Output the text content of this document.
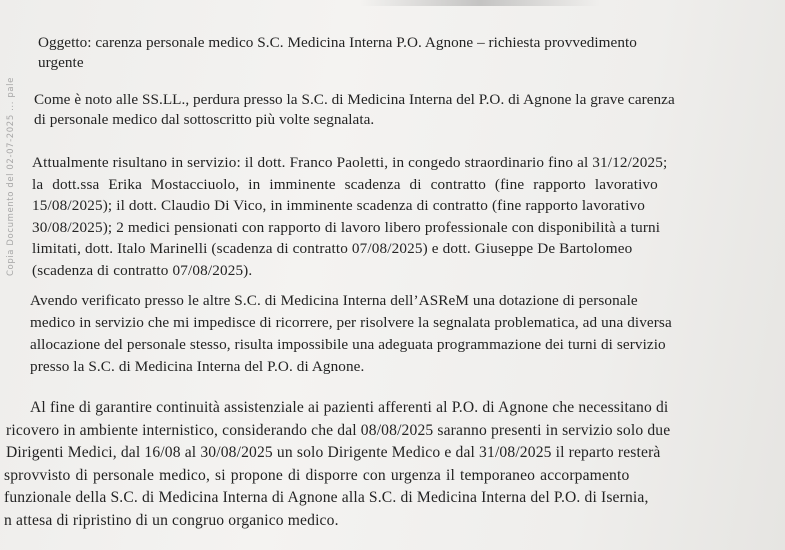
Copia Documento del 02-07-2025 ... pale
Oggetto: carenza personale medico S.C. Medicina Interna P.O. Agnone – richiesta provvedimento
urgente
Come è noto alle SS.LL., perdura presso la S.C. di Medicina Interna del P.O. di Agnone la grave carenza
di personale medico dal sottoscritto più volte segnalata.
Attualmente risultano in servizio: il dott. Franco Paoletti, in congedo straordinario fino al 31/12/2025;
la dott.ssa Erika Mostacciuolo, in imminente scadenza di contratto (fine rapporto lavorativo
15/08/2025); il dott. Claudio Di Vico, in imminente scadenza di contratto (fine rapporto lavorativo
30/08/2025); 2 medici pensionati con rapporto di lavoro libero professionale con disponibilità a turni
limitati, dott. Italo Marinelli (scadenza di contratto 07/08/2025) e dott. Giuseppe De Bartolomeo
(scadenza di contratto 07/08/2025).
Avendo verificato presso le altre S.C. di Medicina Interna dell’ASReM una dotazione di personale
medico in servizio che mi impedisce di ricorrere, per risolvere la segnalata problematica, ad una diversa
allocazione del personale stesso, risulta impossibile una adeguata programmazione dei turni di servizio
presso la S.C. di Medicina Interna del P.O. di Agnone.
Al fine di garantire continuità assistenziale ai pazienti afferenti al P.O. di Agnone che necessitano di
ricovero in ambiente internistico, considerando che dal 08/08/2025 saranno presenti in servizio solo due
Dirigenti Medici, dal 16/08 al 30/08/2025 un solo Dirigente Medico e dal 31/08/2025 il reparto resterà
sprovvisto di personale medico, si propone di disporre con urgenza il temporaneo accorpamento
funzionale della S.C. di Medicina Interna di Agnone alla S.C. di Medicina Interna del P.O. di Isernia,
n attesa di ripristino di un congruo organico medico.
